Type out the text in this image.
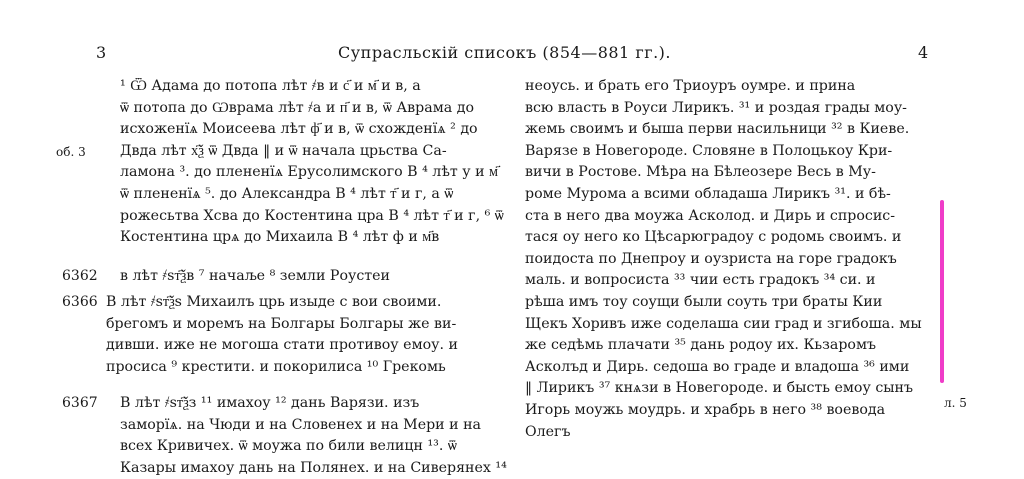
3	Супрасльскій списокъ (854—881 гг.).	4
¹ Ѿ Адама до потопа лѣт ҂в и с҃ и м҃ и в, а
ѿ потопа до Ѡврама лѣт ҂а и п҃ и в, ѿ Аврама до
исхоженїѧ Моисеева лѣт ф҃ и в, ѿ схожденїѧ ² до
Двда лѣт х҃ѯ ѿ Двда ‖ и ѿ начала црьства Са-
ламона ³. до плененїѧ Ерусолимского В ⁴ лѣт у и м҃
ѿ плененїѧ ⁵. до Александра В ⁴ лѣт т҃ и г, а ѿ
рожесьтва Хсва до Костентина цра В ⁴ лѣт т҃ и г, ⁶ ѿ
Костентина црѧ до Михаила В ⁴ лѣт ф и м҃в
об. 3
6362 в лѣт ҂ѕт҃ѯв ⁷ начаље ⁸ земли Роустеи
6366 В лѣт ҂ѕт҃ѯѕ Михаилъ црь изыде с вои своими.
брегомъ и моремъ на Болгары Болгары же ви-
дивши. иже не могоша стати противоу емоу. и
просиса ⁹ крестити. и покорилиса ¹⁰ Грекомь
6367 В лѣт ҂ѕт҃ѯз ¹¹ имахоу ¹² дань Варязи. изъ
заморїѧ. на Чюди и на Словенех и на Мери и на
всех Кривичех. ѿ моужа по били велицн ¹³. ѿ
Казары имахоу дань на Полянех. и на Сиверянех ¹⁴
неоусь. и брать его Триоуръ оумре. и прина
всю власть в Роуси Лирикъ. ³¹ и роздая грады моу-
жемь своимъ и быша перви насильници ³² в Киеве.
Варязе в Новегороде. Словяне в Полоцькоу Кри-
вичи в Ростове. Мѣра на Бѣлеозере Весь в Му-
роме Мурома а всими обладаша Лирикъ ³¹. и бѣ-
ста в него два моужа Асколод. и Дирь и спросис-
тася оу него ко Цѣсарюградоу с родомь своимъ. и
поидоста по Днепроу и оузриста на горе градокъ
маль. и вопросиста ³³ чии есть градокъ ³⁴ си. и
рѣша имъ тоу соущи были соуть три браты Кии
Щекъ Хоривъ иже соделаша сии град и згибоша. мы
же седѣмь плачати ³⁵ дань родоу их. Кьзаромъ
Асколъд и Дирь. седоша во граде и владоша ³⁶ ими
‖ Лирикъ ³⁷ кнѧзи в Новегороде. и бысть емоу сынъ
Игорь моужь моудрь. и храбрь в него ³⁸ воевода
Олегъ
л. 5
